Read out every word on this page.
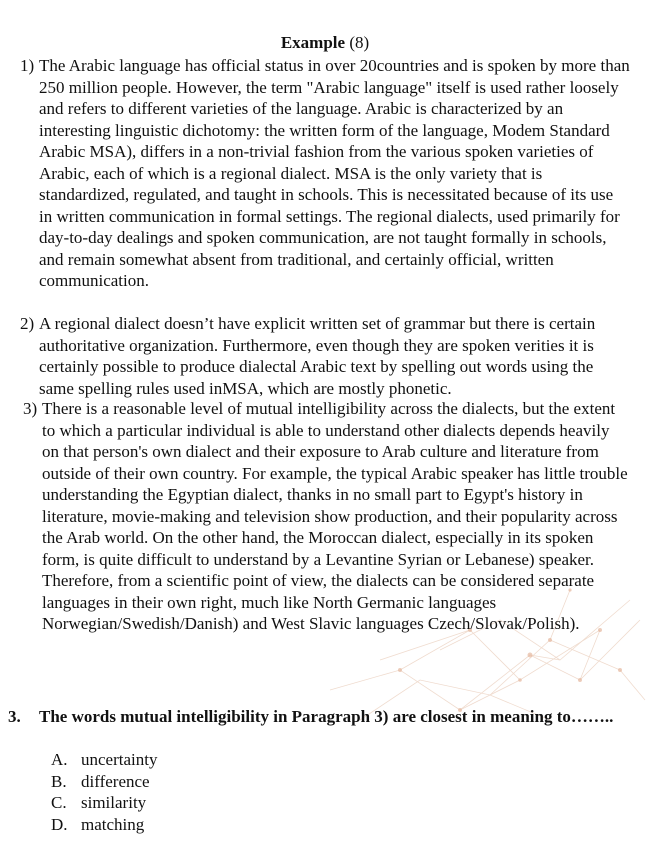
Example (8)
1) The Arabic language has official status in over 20countries and is spoken by more than 250 million people. However, the term "Arabic language" itself is used rather loosely and refers to different varieties of the language. Arabic is characterized by an interesting linguistic dichotomy: the written form of the language, Modem Standard Arabic MSA), differs in a non-trivial fashion from the various spoken varieties of Arabic, each of which is a regional dialect. MSA is the only variety that is standardized, regulated, and taught in schools. This is necessitated because of its use in written communication in formal settings. The regional dialects, used primarily for day-to-day dealings and spoken communication, are not taught formally in schools, and remain somewhat absent from traditional, and certainly official, written communication.
2) A regional dialect doesn’t have explicit written set of grammar but there is certain authoritative organization. Furthermore, even though they are spoken verities it is certainly possible to produce dialectal Arabic text by spelling out words using the same spelling rules used inMSA, which are mostly phonetic.
3) There is a reasonable level of mutual intelligibility across the dialects, but the extent to which a particular individual is able to understand other dialects depends heavily on that person's own dialect and their exposure to Arab culture and literature from outside of their own country. For example, the typical Arabic speaker has little trouble understanding the Egyptian dialect, thanks in no small part to Egypt's history in literature, movie-making and television show production, and their popularity across the Arab world. On the other hand, the Moroccan dialect, especially in its spoken form, is quite difficult to understand by a Levantine Syrian or Lebanese) speaker. Therefore, from a scientific point of view, the dialects can be considered separate languages in their own right, much like North Germanic languages Norwegian/Swedish/Danish) and West Slavic languages Czech/Slovak/Polish).
3. The words mutual intelligibility in Paragraph 3) are closest in meaning to……..
A. uncertainty
B. difference
C. similarity
D. matching
